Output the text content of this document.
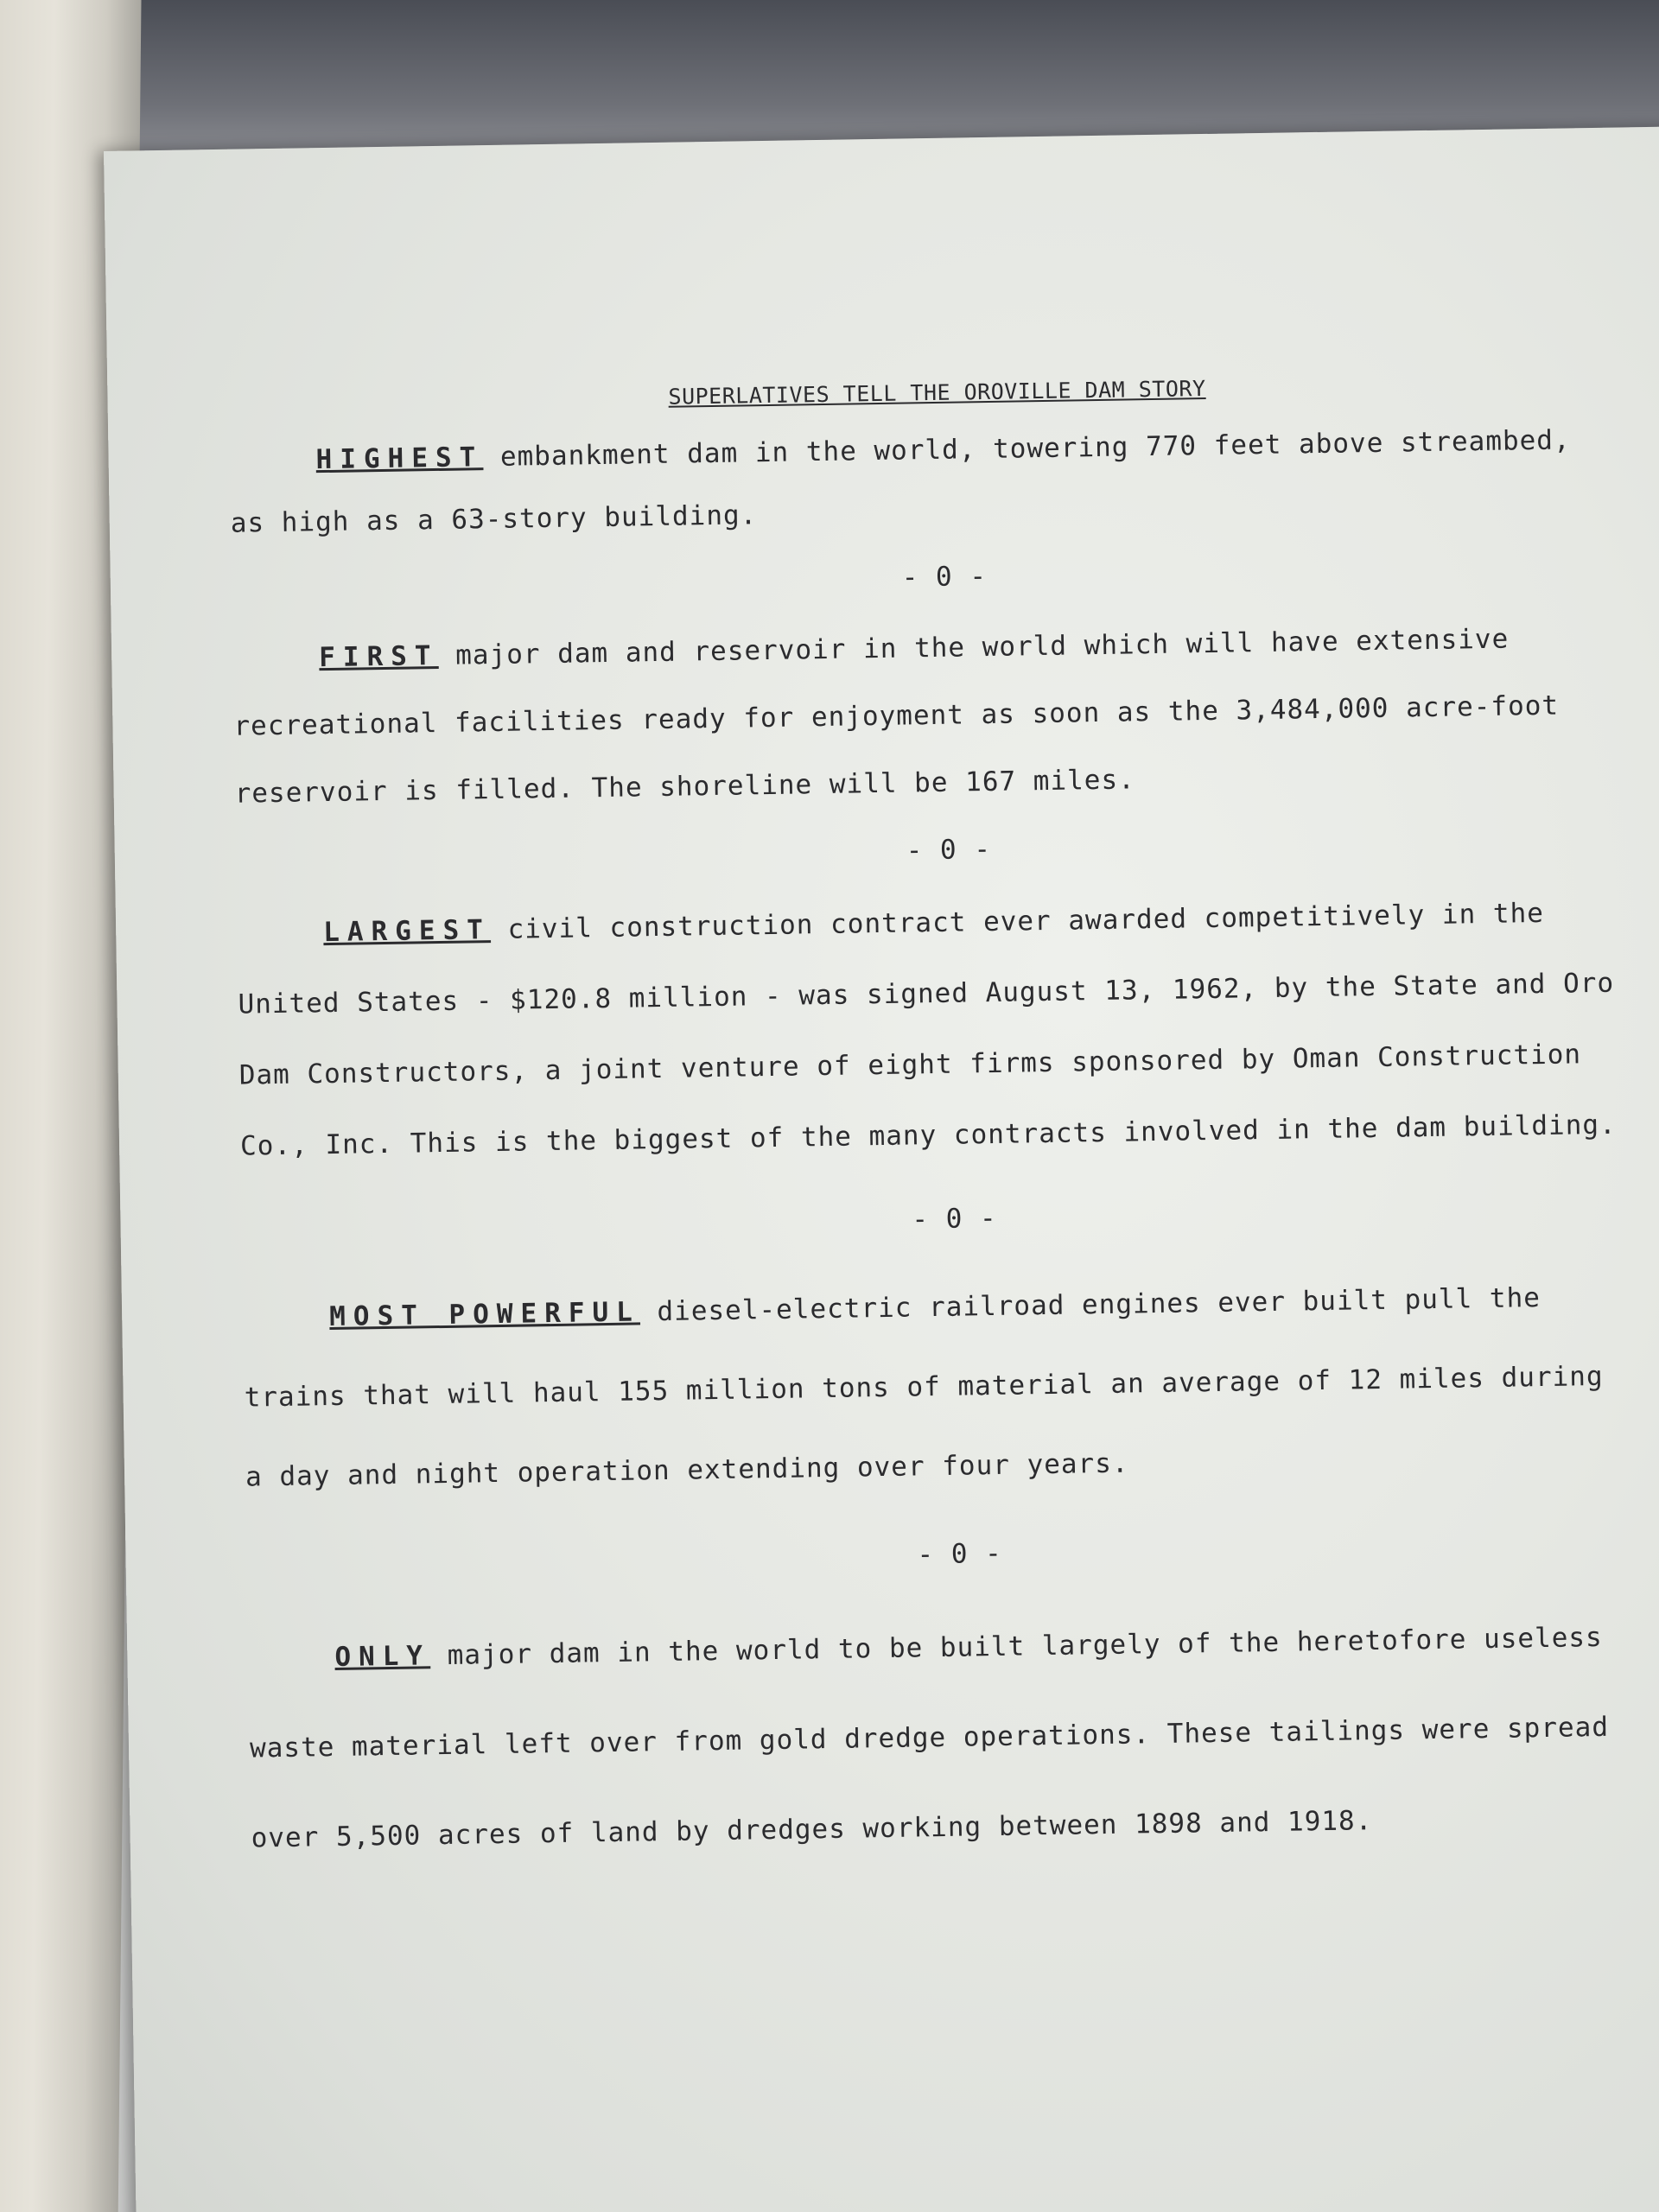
SUPERLATIVES TELL THE OROVILLE DAM STORY

HIGHEST embankment dam in the world, towering 770 feet above streambed, as high as a 63-story building.

- 0 -

FIRST major dam and reservoir in the world which will have extensive recreational facilities ready for enjoyment as soon as the 3,484,000 acre-foot reservoir is filled. The shoreline will be 167 miles.

- 0 -

LARGEST civil construction contract ever awarded competitively in the United States - $120.8 million - was signed August 13, 1962, by the State and Oro Dam Constructors, a joint venture of eight firms sponsored by Oman Construction Co., Inc. This is the biggest of the many contracts involved in the dam building.

- 0 -

MOST POWERFUL diesel-electric railroad engines ever built pull the trains that will haul 155 million tons of material an average of 12 miles during a day and night operation extending over four years.

- 0 -

ONLY major dam in the world to be built largely of the heretofore useless waste material left over from gold dredge operations. These tailings were spread over 5,500 acres of land by dredges working between 1898 and 1918.
